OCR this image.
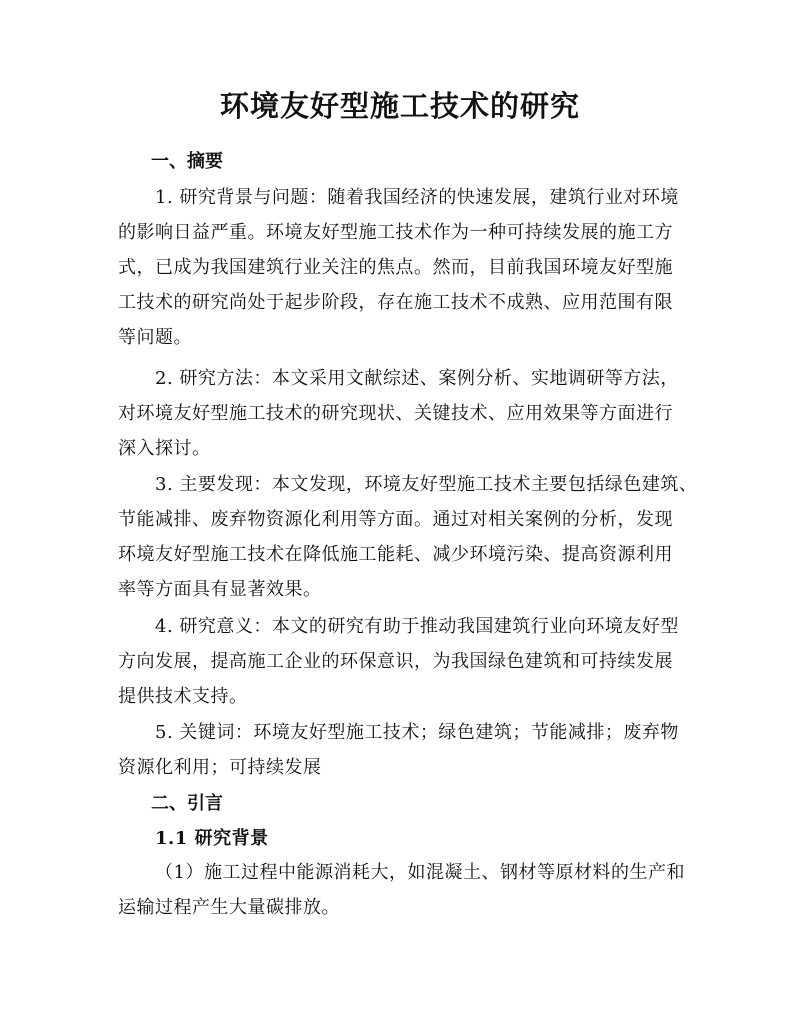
环境友好型施工技术的研究
一、摘要

1. 研究背景与问题：随着我国经济的快速发展，建筑行业对环境
的影响日益严重。环境友好型施工技术作为一种可持续发展的施工方
式，已成为我国建筑行业关注的焦点。然而，目前我国环境友好型施
工技术的研究尚处于起步阶段，存在施工技术不成熟、应用范围有限
等问题。

2. 研究方法：本文采用文献综述、案例分析、实地调研等方法，
对环境友好型施工技术的研究现状、关键技术、应用效果等方面进行
深入探讨。

3. 主要发现：本文发现，环境友好型施工技术主要包括绿色建筑、
节能减排、废弃物资源化利用等方面。通过对相关案例的分析，发现
环境友好型施工技术在降低施工能耗、减少环境污染、提高资源利用
率等方面具有显著效果。

4. 研究意义：本文的研究有助于推动我国建筑行业向环境友好型
方向发展，提高施工企业的环保意识，为我国绿色建筑和可持续发展
提供技术支持。

5. 关键词：环境友好型施工技术；绿色建筑；节能减排；废弃物
资源化利用；可持续发展

二、引言
1.1 研究背景

（1）施工过程中能源消耗大，如混凝土、钢材等原材料的生产和
运输过程产生大量碳排放。
